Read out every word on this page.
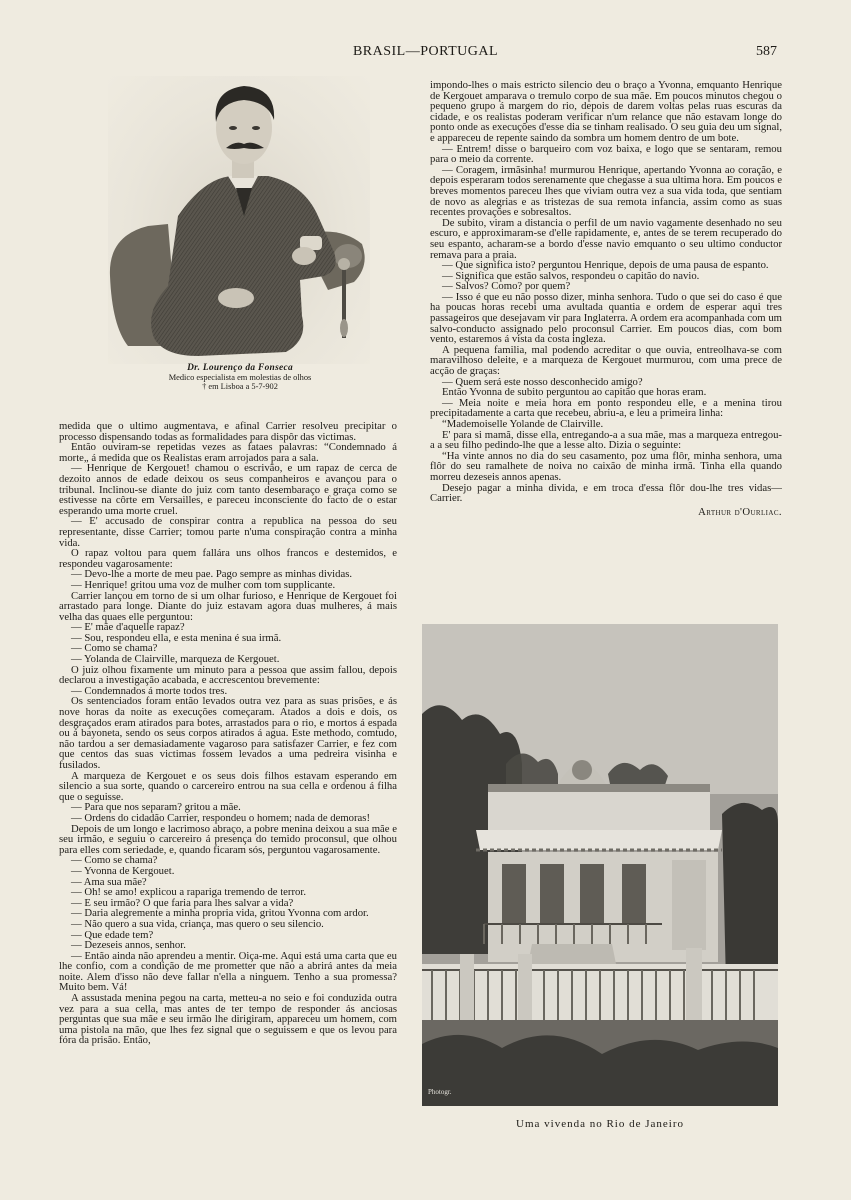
BRASIL—PORTUGAL	587
Dr. Lourenço da Fonseca
Medico especialista em molestias de olhos
† em Lisboa a 5-7-902

medida que o ultimo augmentava, e afinal Carrier resolveu precipitar o processo dispensando todas as formalidades para dispôr das victimas.

Então ouviram-se repetidas vezes as fataes palavras: “Condemnado á morte„ á medida que os Realistas eram arrojados para a sala.

— Henrique de Kergouet! chamou o escrivão, e um rapaz de cerca de dezoito annos de edade deixou os seus companheiros e avançou para o tribunal. Inclinou-se diante do juiz com tanto desembaraço e graça como se estivesse na côrte em Versailles, e pareceu inconsciente do facto de o estar esperando uma morte cruel.

— E' accusado de conspirar contra a republica na pessoa do seu representante, disse Carrier; tomou parte n'uma conspiração contra a minha vida.

O rapaz voltou para quem fallára uns olhos francos e destemidos, e respondeu vagarosamente:

— Devo-lhe a morte de meu pae. Pago sempre as minhas dividas.

— Henrique! gritou uma voz de mulher com tom supplicante.

Carrier lançou em torno de si um olhar furioso, e Henrique de Kergouet foi arrastado para longe. Diante do juiz estavam agora duas mulheres, á mais velha das quaes elle perguntou:

— E' mãe d'aquelle rapaz?

— Sou, respondeu ella, e esta menina é sua irmã.

— Como se chama?

— Yolanda de Clairville, marqueza de Kergouet.

O juiz olhou fixamente um minuto para a pessoa que assim fallou, depois declarou a investigação acabada, e accrescentou brevemente:

— Condemnados á morte todos tres.

Os sentenciados foram então levados outra vez para as suas prisões, e ás nove horas da noite as execuções começaram. Atados a dois e dois, os desgraçados eram atirados para botes, arrastados para o rio, e mortos á espada ou á bayoneta, sendo os seus corpos atirados á agua. Este methodo, comtudo, não tardou a ser demasiadamente vagaroso para satisfazer Carrier, e fez com que centos das suas victimas fossem levados a uma pedreira visinha e fusilados.

A marqueza de Kergouet e os seus dois filhos estavam esperando em silencio a sua sorte, quando o carcereiro entrou na sua cella e ordenou á filha que o seguisse.

— Para que nos separam? gritou a mãe.

— Ordens do cidadão Carrier, respondeu o homem; nada de demoras!

Depois de um longo e lacrimoso abraço, a pobre menina deixou a sua mãe e seu irmão, e seguiu o carcereiro á presença do temido proconsul, que olhou para elles com seriedade, e, quando ficaram sós, perguntou vagarosamente.

— Como se chama?

— Yvonna de Kergouet.

— Ama sua mãe?

— Oh! se amo! explicou a rapariga tremendo de terror.

— E seu irmão? O que faria para lhes salvar a vida?

— Daria alegremente a minha propria vida, gritou Yvonna com ardor.

— Não quero a sua vida, criança, mas quero o seu silencio.

— Que edade tem?

— Dezeseis annos, senhor.

— Então ainda não aprendeu a mentir. Oiça-me. Aqui está uma carta que eu lhe confio, com a condição de me prometter que não a abrirá antes da meia noite. Alem d'isso não deve fallar n'ella a ninguem. Tenho a sua promessa? Muito bem. Vá!

A assustada menina pegou na carta, metteu-a no seio e foi conduzida outra vez para a sua cella, mas antes de ter tempo de responder ás anciosas perguntas que sua mãe e seu irmão lhe dirigiram, appareceu um homem, com uma pistola na mão, que lhes fez signal que o seguissem e que os levou para fóra da prisão. Então,

impondo-lhes o mais estricto silencio deu o braço a Yvonna, emquanto Henrique de Kergouet amparava o tremulo corpo de sua mãe. Em poucos minutos chegou o pequeno grupo á margem do rio, depois de darem voltas pelas ruas escuras da cidade, e os realistas poderam verificar n'um relance que não estavam longe do ponto onde as execuções d'esse dia se tinham realisado. O seu guia deu um signal, e appareceu de repente saindo da sombra um homem dentro de um bote.

— Entrem! disse o barqueiro com voz baixa, e logo que se sentaram, remou para o meio da corrente.

— Coragem, irmãsinha! murmurou Henrique, apertando Yvonna ao coração, e depois esperaram todos serenamente que chegasse a sua ultima hora. Em poucos e breves momentos pareceu lhes que viviam outra vez a sua vida toda, que sentiam de novo as alegrias e as tristezas de sua remota infancia, assim como as suas recentes provações e sobresaltos.

De subito, viram a distancia o perfil de um navio vagamente desenhado no seu escuro, e approximaram-se d'elle rapidamente, e, antes de se terem recuperado do seu espanto, acharam-se a bordo d'esse navio emquanto o seu ultimo conductor remava para a praia.

— Que significa isto? perguntou Henrique, depois de uma pausa de espanto.

— Significa que estão salvos, respondeu o capitão do navio.

— Salvos? Como? por quem?

— Isso é que eu não posso dizer, minha senhora. Tudo o que sei do caso é que ha poucas horas recebi uma avultada quantia e ordem de esperar aqui tres passageiros que desejavam vir para Inglaterra. A ordem era acompanhada com um salvo-conducto assignado pelo proconsul Carrier. Em poucos dias, com bom vento, estaremos á vista da costa ingleza.

A pequena familia, mal podendo acreditar o que ouvia, entreolhava-se com maravilhoso deleite, e a marqueza de Kergouet murmurou, com uma prece de acção de graças:

— Quem será este nosso desconhecido amigo?

Então Yvonna de subito perguntou ao capitão que horas eram.

— Meia noite e meia hora em ponto respondeu elle, e a menina tirou precipitadamente a carta que recebeu, abriu-a, e leu a primeira linha:

“Mademoiselle Yolande de Clairville.

E' para si mamã, disse ella, entregando-a a sua mãe, mas a marqueza entregou-a a seu filho pedindo-lhe que a lesse alto. Dizia o seguinte:

“Ha vinte annos no dia do seu casamento, poz uma flôr, minha senhora, uma flôr do seu ramalhete de noiva no caixão de minha irmã. Tinha ella quando morreu dezeseis annos apenas.

Desejo pagar a minha divida, e em troca d'essa flôr dou-lhe tres vidas— Carrier.

Arthur d'Ourliac.

Photogr.
Uma vivenda no Rio de Janeiro
